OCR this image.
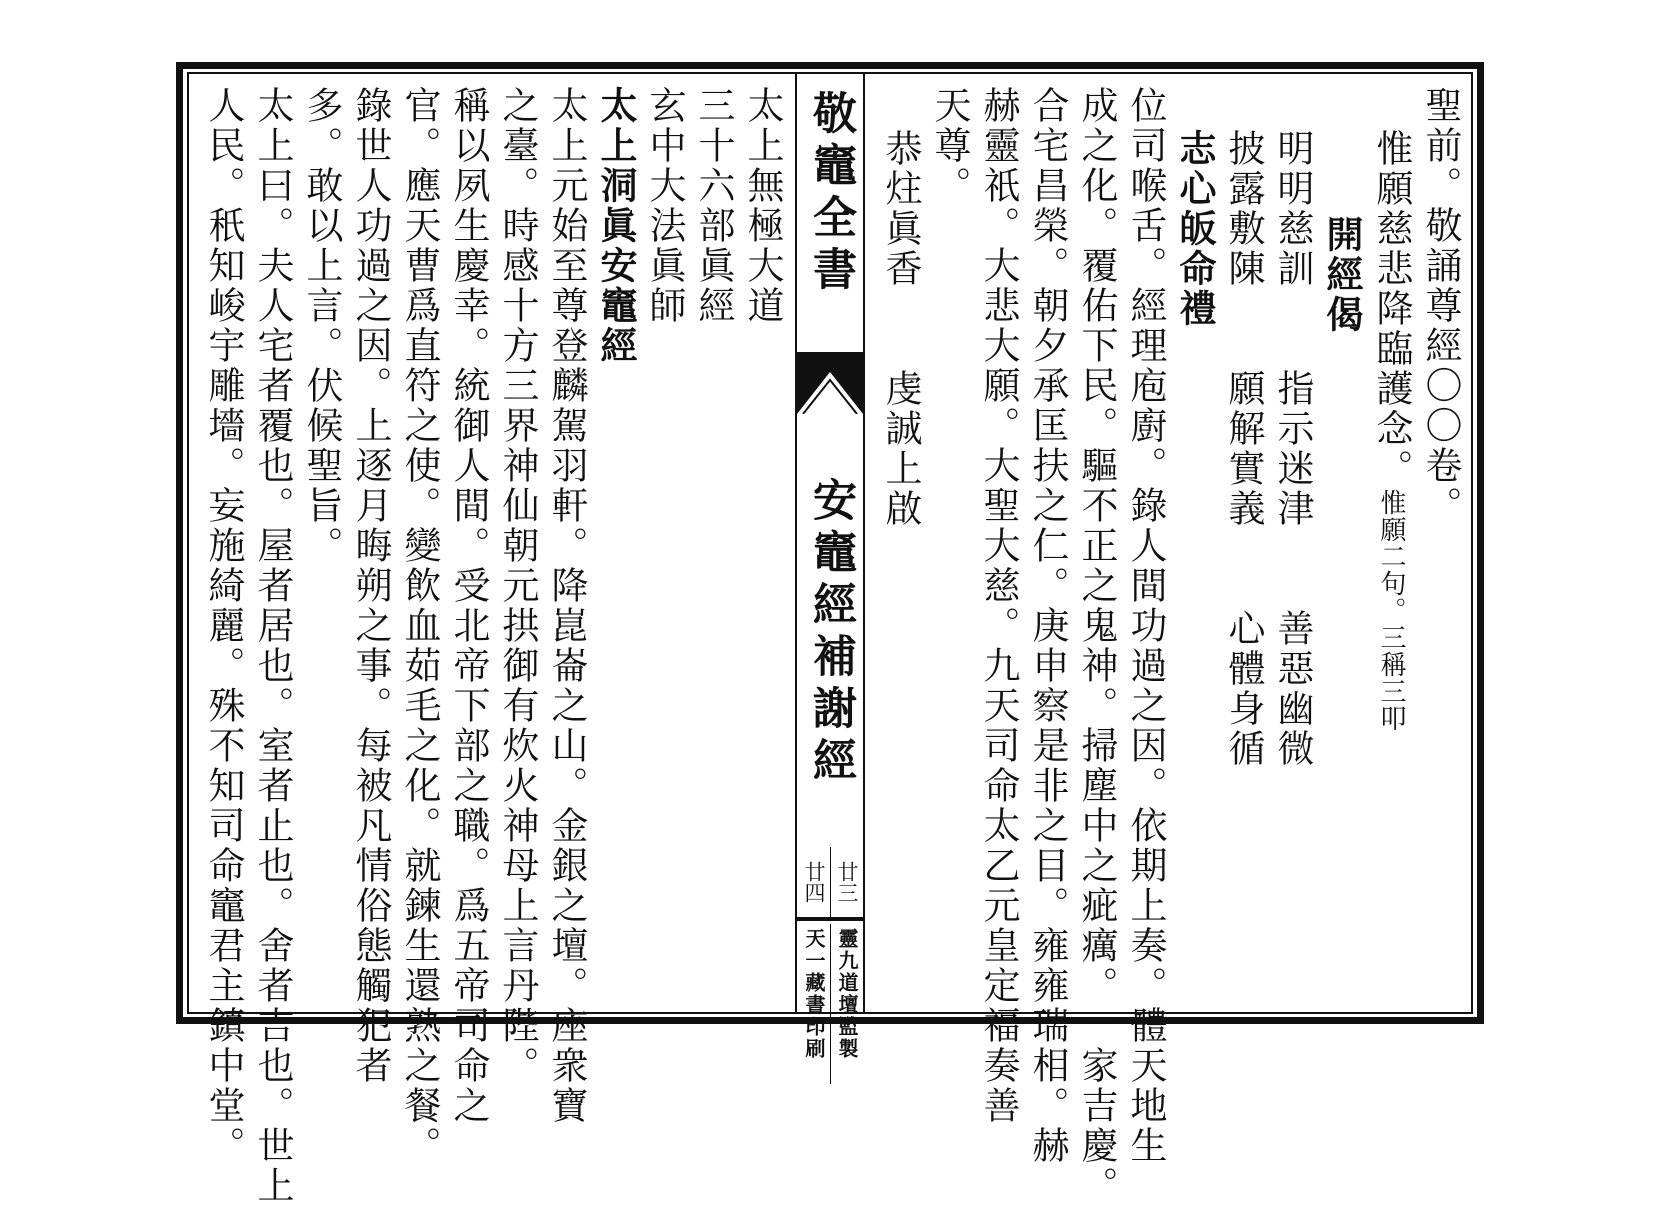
敬竈全書
安竈經補謝經
廿三
廿四
靈九道壇監製
天一藏書印刷
聖前。敬誦尊經〇〇卷。
惟願慈悲降臨護念。惟願二句。三稱三叩
開經偈
明明慈訓　　指示迷津　　善惡幽微
披露敷陳　　願解實義　　心體身循
志心皈命禮
位司喉舌。經理庖廚。錄人間功過之因。依期上奏。體天地生
成之化。覆佑下民。驅不正之鬼神。掃塵中之疵癘。一家吉慶。
合宅昌榮。朝夕承匡扶之仁。庚申察是非之目。雍雍瑞相。赫
赫靈祇。大悲大願。大聖大慈。九天司命太乙元皇定福奏善
天尊。
恭炷眞香　　虔誠上啟
太上無極大道
三十六部眞經
玄中大法眞師
太上洞眞安竈經
太上元始至尊登麟駕羽軒。降崑崙之山。金銀之壇。座衆寶
之臺。時感十方三界神仙朝元拱御有炊火神母上言丹陛。
稱以夙生慶幸。統御人間。受北帝下部之職。爲五帝司命之
官。應天曹爲直符之使。變飲血茹毛之化。就鍊生還熟之餐。
錄世人功過之因。上逐月晦朔之事。每被凡情俗態觸犯者
多。敢以上言。伏候聖旨。
太上曰。夫人宅者覆也。屋者居也。室者止也。舍者吉也。世上
人民。秖知峻宇雕墻。妄施綺麗。殊不知司命竈君主鎮中堂。
